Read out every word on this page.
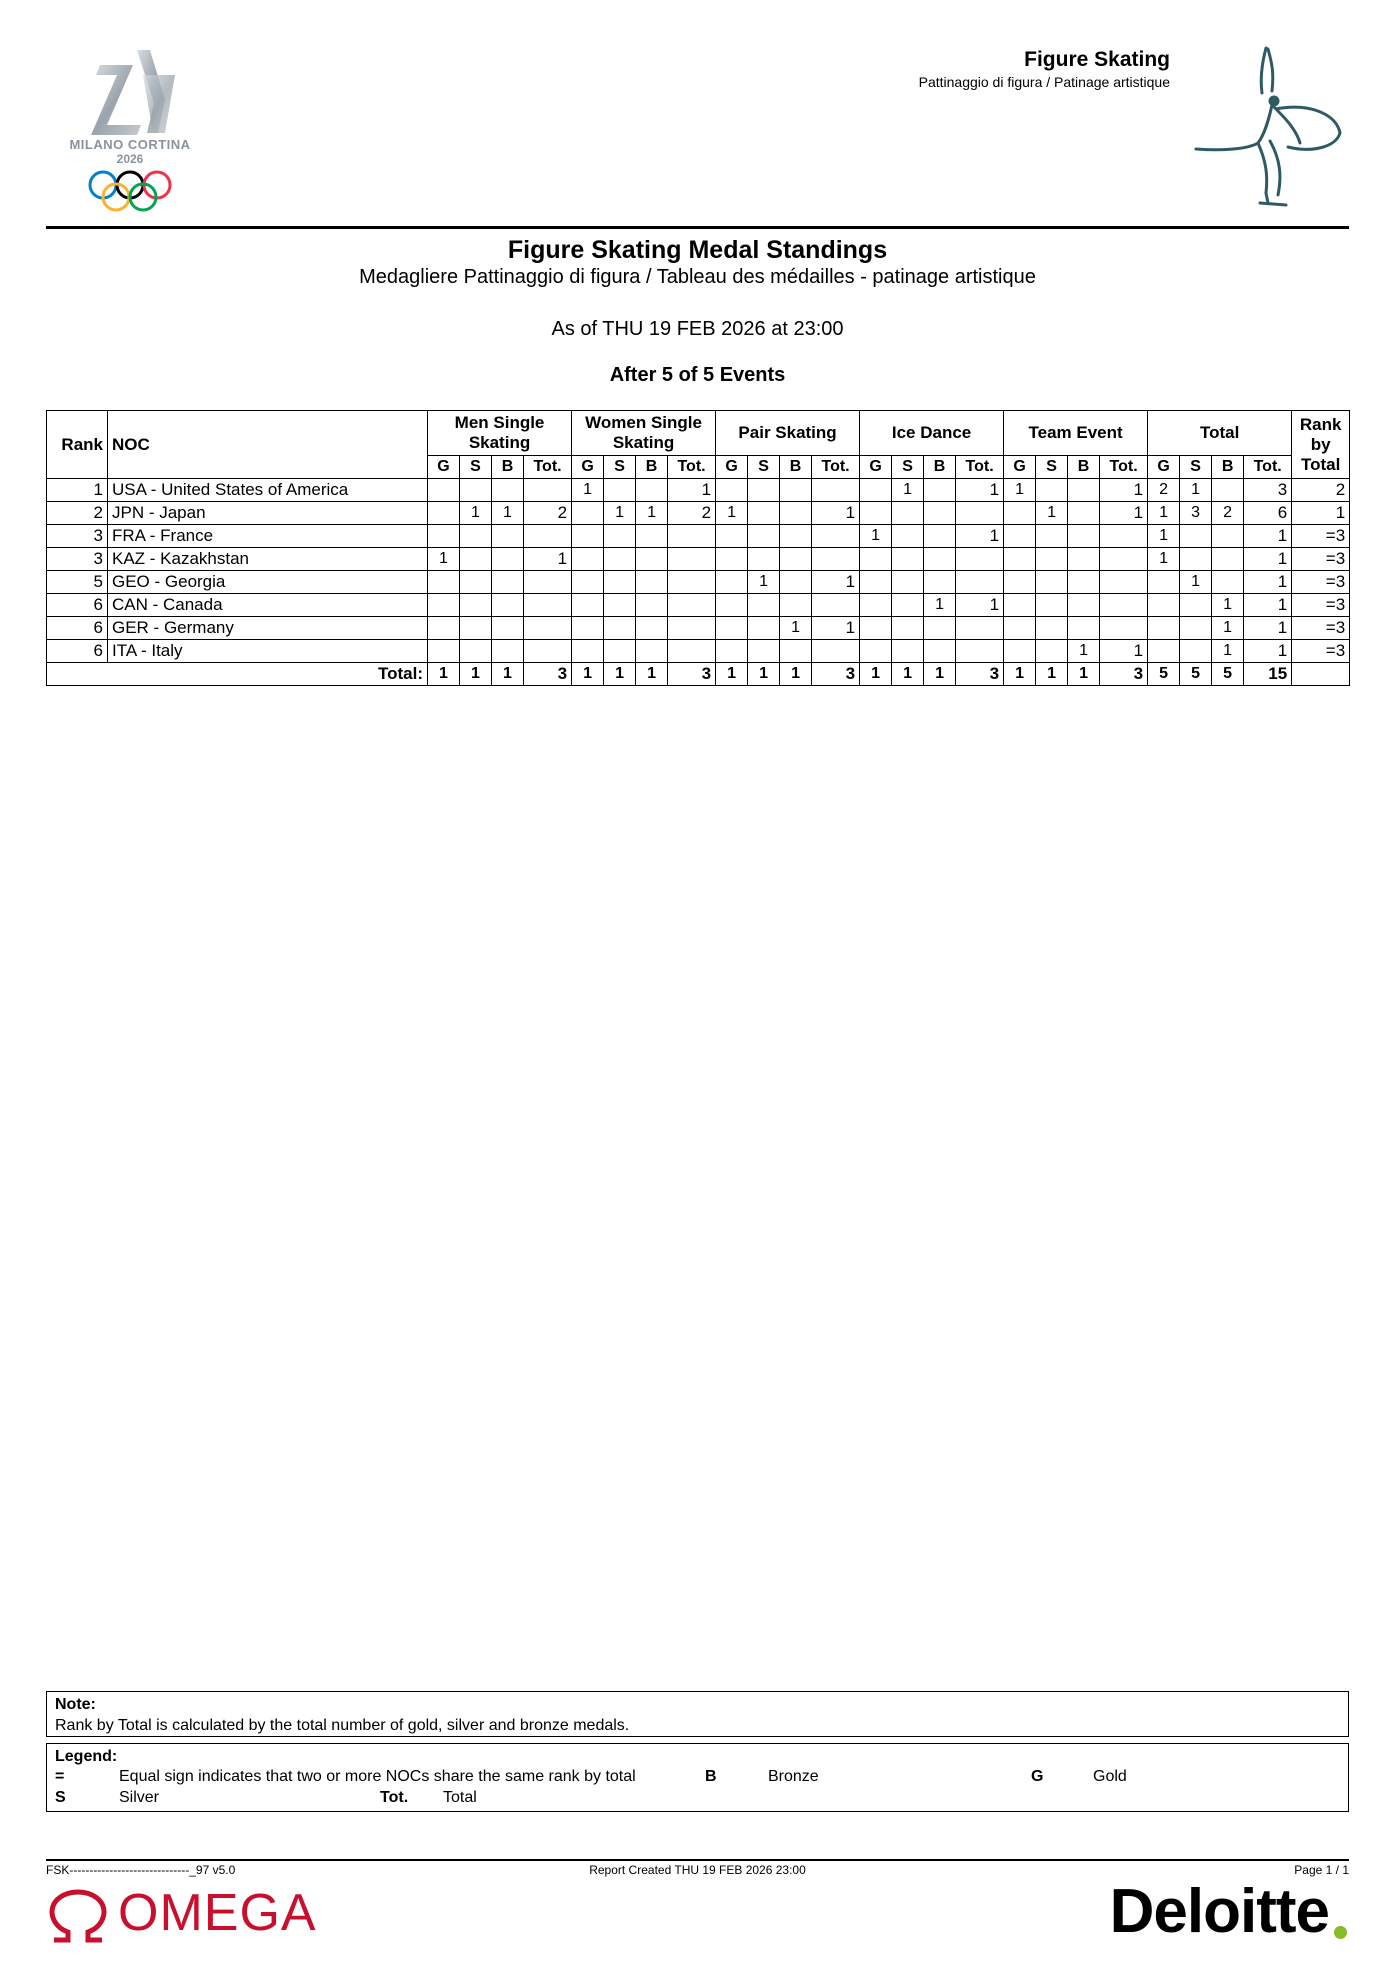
MILANO CORTINA
2026
Figure Skating
Pattinaggio di figura / Patinage artistique
Figure Skating Medal Standings
Medagliere Pattinaggio di figura / Tableau des médailles - patinage artistique
As of THU 19 FEB 2026 at 23:00
After 5 of 5 Events
Rank	NOC	Men Single Skating				Women Single Skating				Pair Skating				Ice Dance				Team Event				Total				Rank by Total
		G	S	B	Tot.	G	S	B	Tot.	G	S	B	Tot.	G	S	B	Tot.	G	S	B	Tot.	G	S	B	Tot.	
1	USA - United States of America					1			1						1		1	1			1	2	1		3	2
2	JPN - Japan		1	1	2		1	1	2	1			1						1		1	1	3	2	6	1
3	FRA - France													1			1					1			1	=3
3	KAZ - Kazakhstan	1			1																	1			1	=3
5	GEO - Georgia										1		1										1		1	=3
6	CAN - Canada															1	1							1	1	=3
6	GER - Germany											1	1											1	1	=3
6	ITA - Italy																			1	1			1	1	=3
Total:		1	1	1	3	1	1	1	3	1	1	1	3	1	1	1	3	1	1	1	3	5	5	5	15	
Note:
Rank by Total is calculated by the total number of gold, silver and bronze medals.
Legend:
=	Equal sign indicates that two or more NOCs share the same rank by total	B	Bronze	G	Gold
S	Silver	Tot. Total
FSK------------------------------_97 v5.0	Report Created THU 19 FEB 2026 23:00	Page 1 / 1
OMEGA	Deloitte
